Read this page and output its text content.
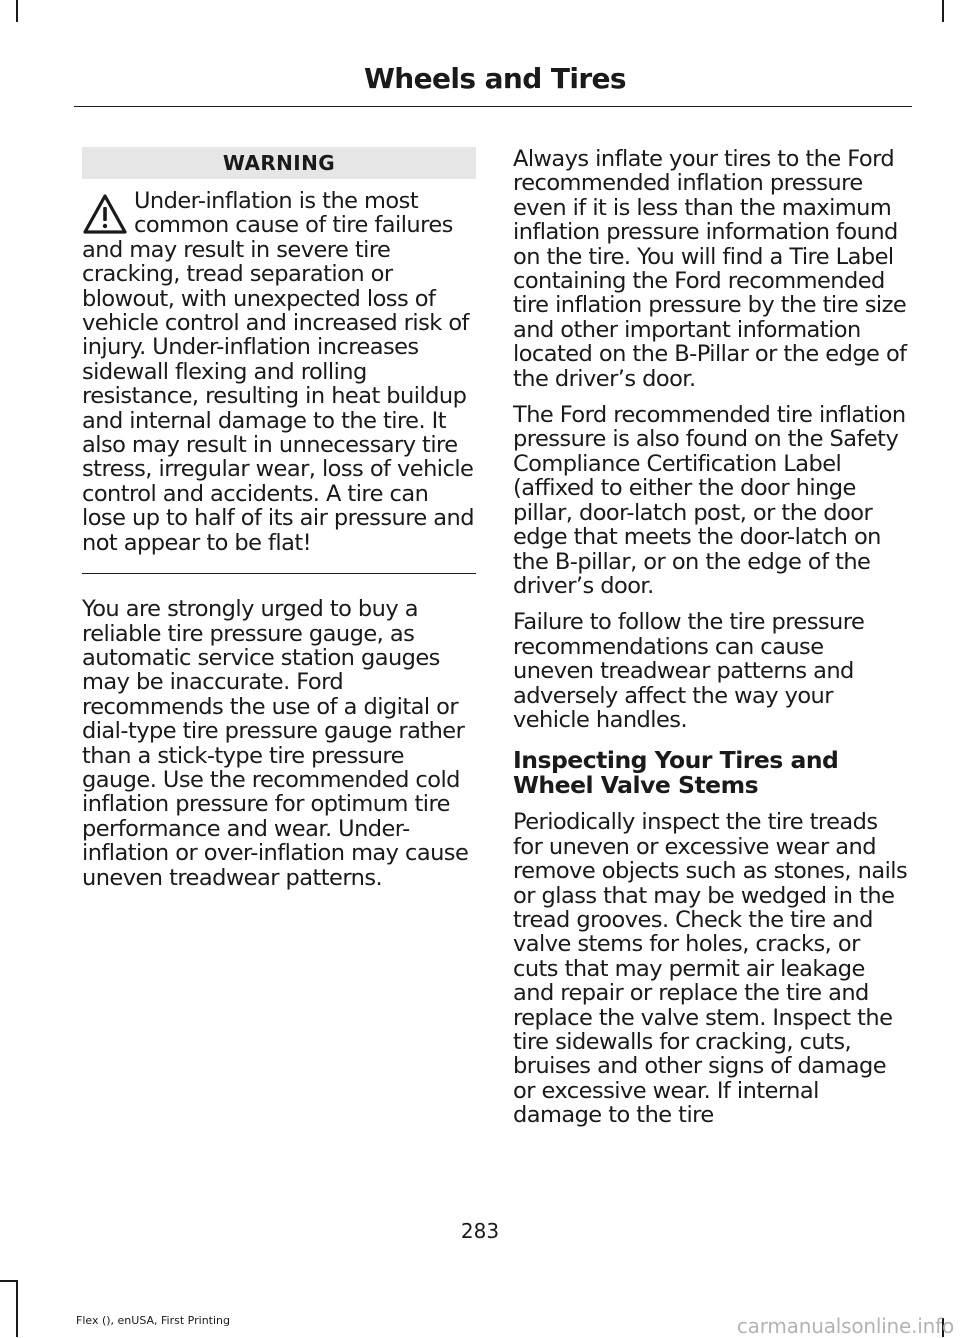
Wheels and Tires
WARNING
Under-inflation is the most common cause of tire failures and may result in severe tire cracking, tread separation or blowout, with unexpected loss of vehicle control and increased risk of injury. Under-inflation increases sidewall flexing and rolling resistance, resulting in heat buildup and internal damage to the tire. It also may result in unnecessary tire stress, irregular wear, loss of vehicle control and accidents. A tire can lose up to half of its air pressure and not appear to be flat!

You are strongly urged to buy a reliable tire pressure gauge, as automatic service station gauges may be inaccurate. Ford recommends the use of a digital or dial-type tire pressure gauge rather than a stick-type tire pressure gauge. Use the recommended cold inflation pressure for optimum tire performance and wear. Under-inflation or over-inflation may cause uneven treadwear patterns.

Always inflate your tires to the Ford recommended inflation pressure even if it is less than the maximum inflation pressure information found on the tire. You will find a Tire Label containing the Ford recommended tire inflation pressure by the tire size and other important information located on the B-Pillar or the edge of the driver’s door.

The Ford recommended tire inflation pressure is also found on the Safety Compliance Certification Label (affixed to either the door hinge pillar, door-latch post, or the door edge that meets the door-latch on the B-pillar, or on the edge of the driver’s door.

Failure to follow the tire pressure recommendations can cause uneven treadwear patterns and adversely affect the way your vehicle handles.

Inspecting Your Tires and Wheel Valve Stems

Periodically inspect the tire treads for uneven or excessive wear and remove objects such as stones, nails or glass that may be wedged in the tread grooves. Check the tire and valve stems for holes, cracks, or cuts that may permit air leakage and repair or replace the tire and replace the valve stem. Inspect the tire sidewalls for cracking, cuts, bruises and other signs of damage or excessive wear. If internal damage to the tire

283
Flex (), enUSA, First Printing	carmanualsonline.info
